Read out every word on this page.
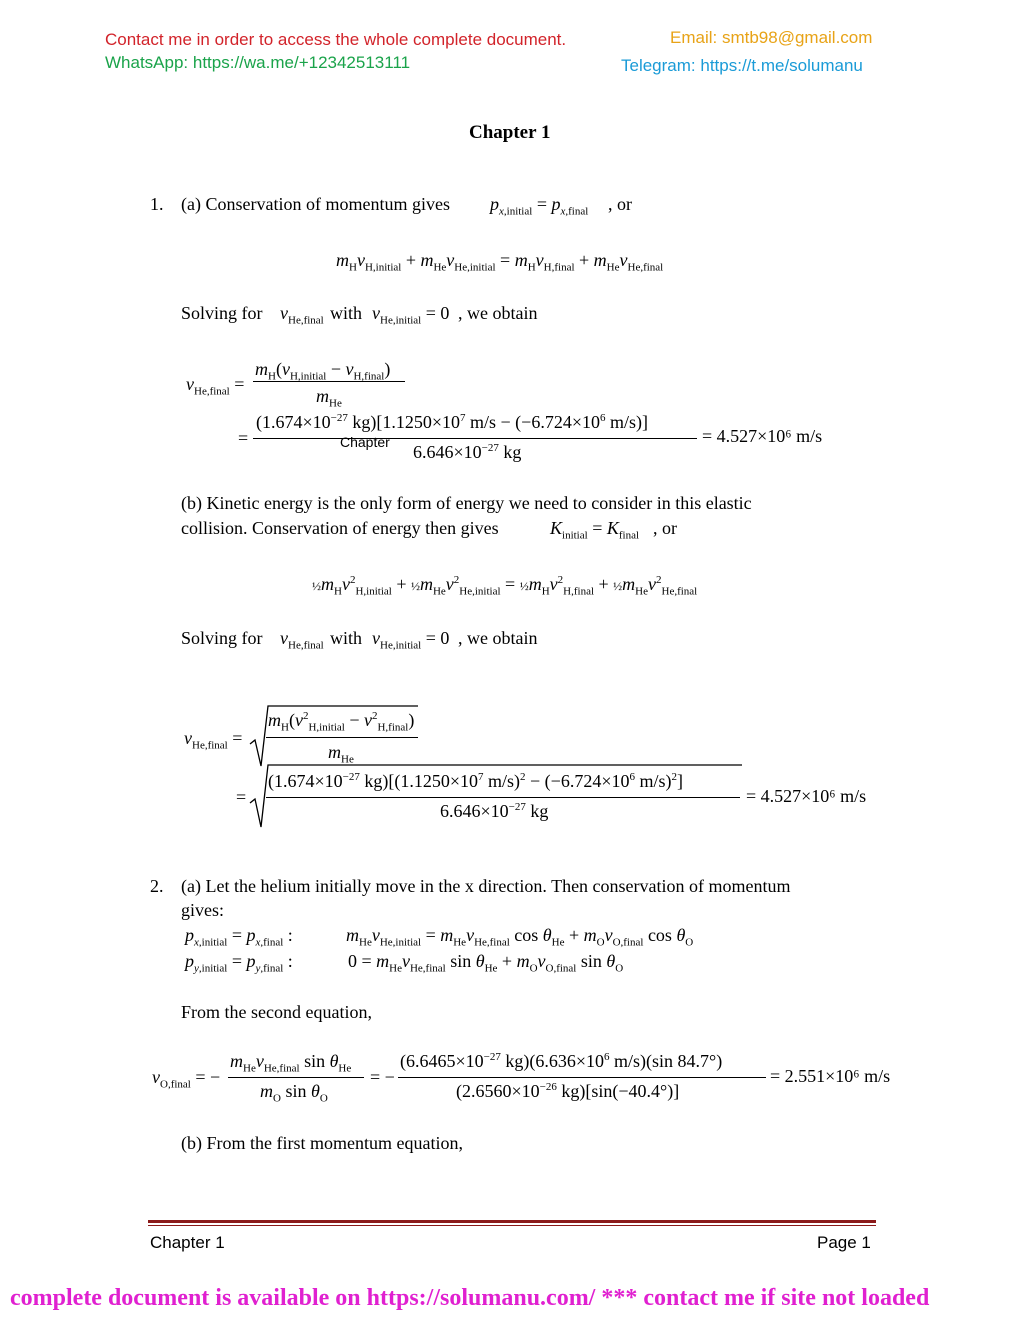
Contact me in order to access the whole complete document.
WhatsApp: https://wa.me/+12342513111
Email: smtb98@gmail.com
Telegram: https://t.me/solumanu
Chapter 1
1. (a) Conservation of momentum gives $p_{x,initial} = p_{x,final}$ , or
$m_Hv_{H,initial} + m_{He}v_{He,initial} = m_Hv_{H,final} + m_{He}v_{He,final}$
Solving for $v_{He,final}$ with $v_{He,initial} = 0$ , we obtain
$v_{He,final}$ =
$m_H(v_{H,initial} - v_{H,final})$
$m_{He}$
=
($1.674\times 10^{-27}$ $kg)[1.1250\times 10^7$ $m/s - (-6.724\times 10^6$ m/s)]
$6.646\times 10^{-27}$ kg
= 4.527×10⁶ m/s
Chapter
(b) Kinetic energy is the only form of energy we need to consider in this elastic
collision. Conservation of energy then gives	$K_{initial} = K_{final}$ , or
$\frac{1}{2}m_Hv^2_{H,initial}$ + $\frac{1}{2}m_{He}v^2_{He,initial}$ = $\frac{1}{2}m_Hv^2_{H,final}$ + $\frac{1}{2}m_{He}v^2_{He,final}$
Solving for $v_{He,final}$ with $v_{He,initial} = 0$ , we obtain
$v_{He,final}$ =
$m_H(v^2_{H,initial} - v^2_{H,final})$
$m_{He}$
=
($1.674\times 10^{-27}$ $kg)[(1.1250\times 10^7$ $m/s)^2 - (-6.724\times 10^6$ m/s)$^2$]
$6.646\times 10^{-27}$ kg
= 4.527×10⁶ m/s
2. (a) Let the helium initially move in the x direction. Then conservation of momentum
gives:
$p_{x,initial} = p_{x,final}$ :	$m_{He}v_{He,initial} = m_{He}v_{He,final}$ $\cos \theta_{He} + m_Ov_{O,final}$ $\cos \theta_O$
$p_{y,initial} = p_{y,final}$ :	$0 = m_{He}v_{He,final}$ $\sin \theta_{He} + m_Ov_{O,final}$ $\sin \theta_O$
From the second equation,
$v_{O,final}$ = −
$m_{He}v_{He,final}$ $\sin \theta_{He}$
$m_O$ $\sin \theta_O$
= −
($6.6465\times 10^{-27}$ $kg)(6.636\times 10^6$ m/s)(sin 84.7°)
($2.6560\times 10^{-26}$ kg)[sin(−40.4°)]
= 2.551×10⁶ m/s
(b) From the first momentum equation,
Chapter 1	Page 1
complete document is available on https://solumanu.com/ *** contact me if site not loaded
